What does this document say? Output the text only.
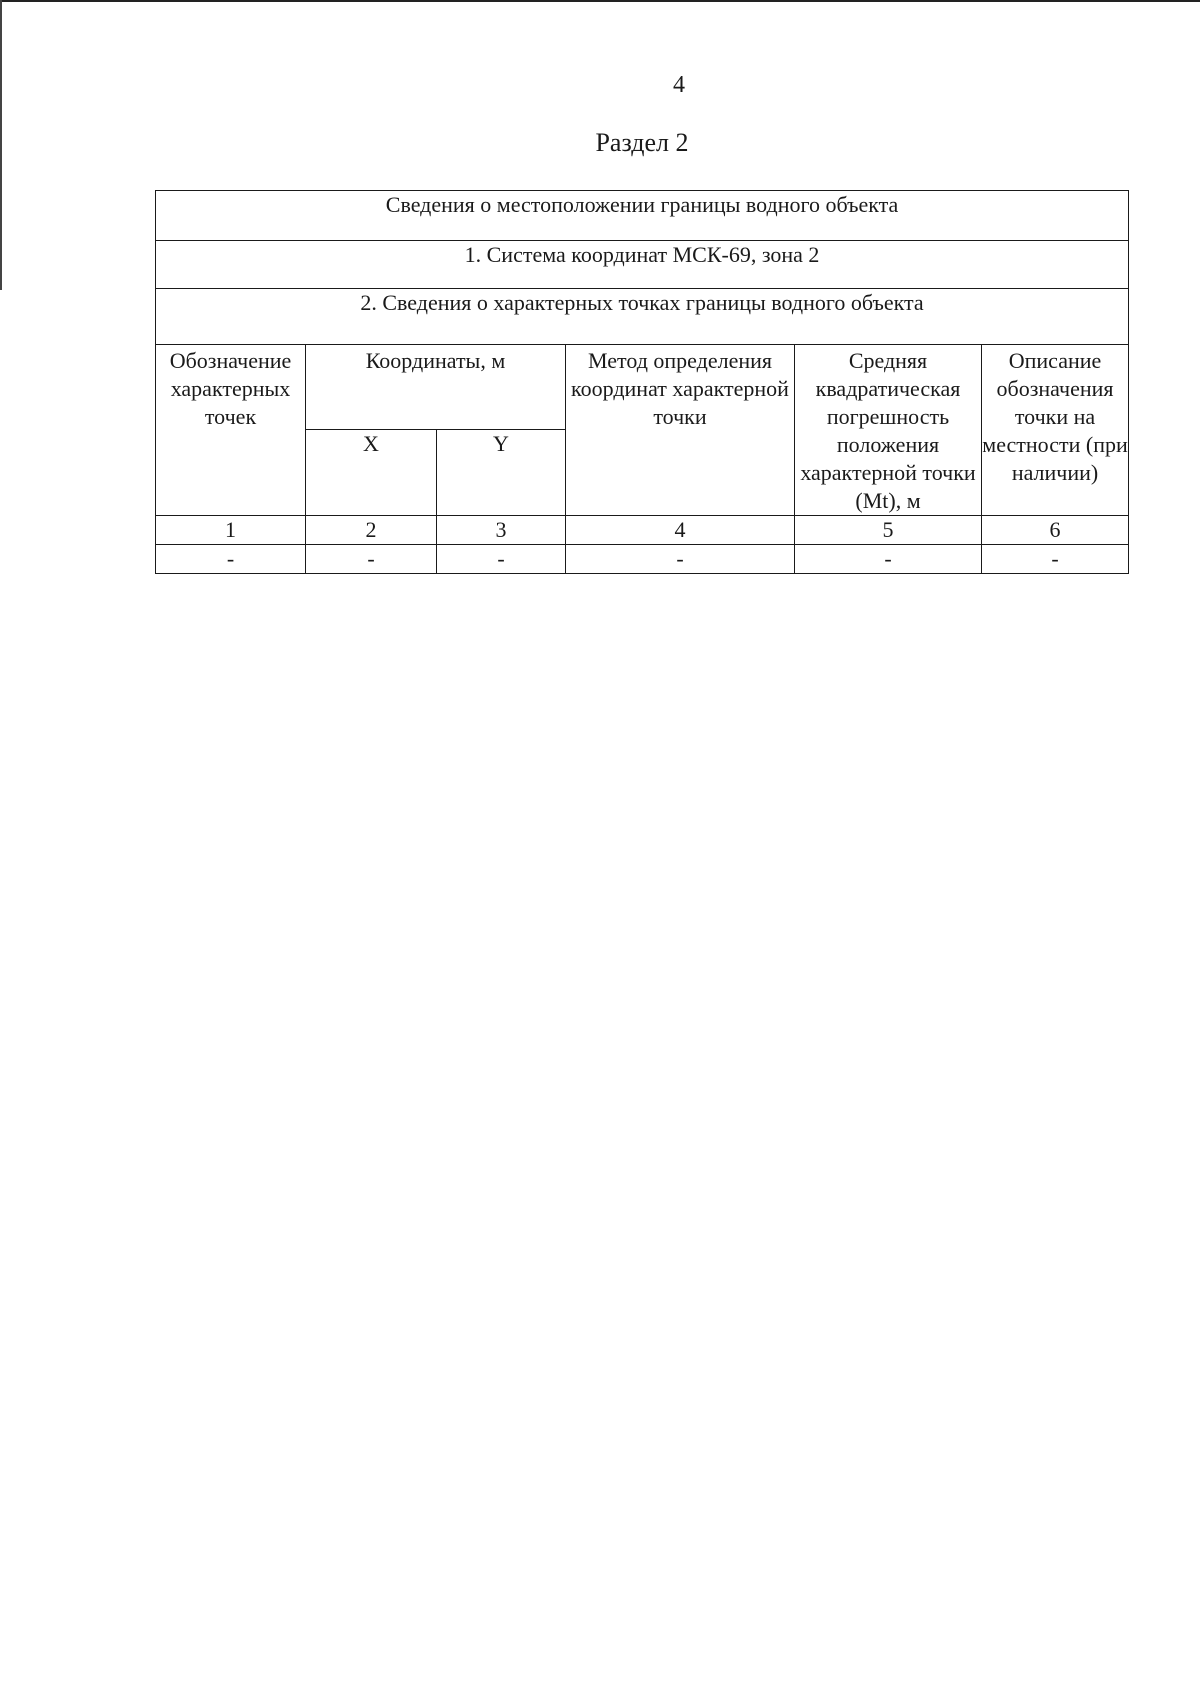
4
Раздел 2
Сведения о местоположении границы водного объекта					
1. Система координат МСК-69, зона 2					
2. Сведения о характерных точках границы водного объекта					

Обозначение характерных точек	Координаты, м		Метод определения координат характерной точки	Средняя квадратическая погрешность положения характерной точки (Mt), м	Описание обозначения точки на местности (при наличии)

	X	Y			
1	2	3	4	5	6
-	-	-	-	-	-
